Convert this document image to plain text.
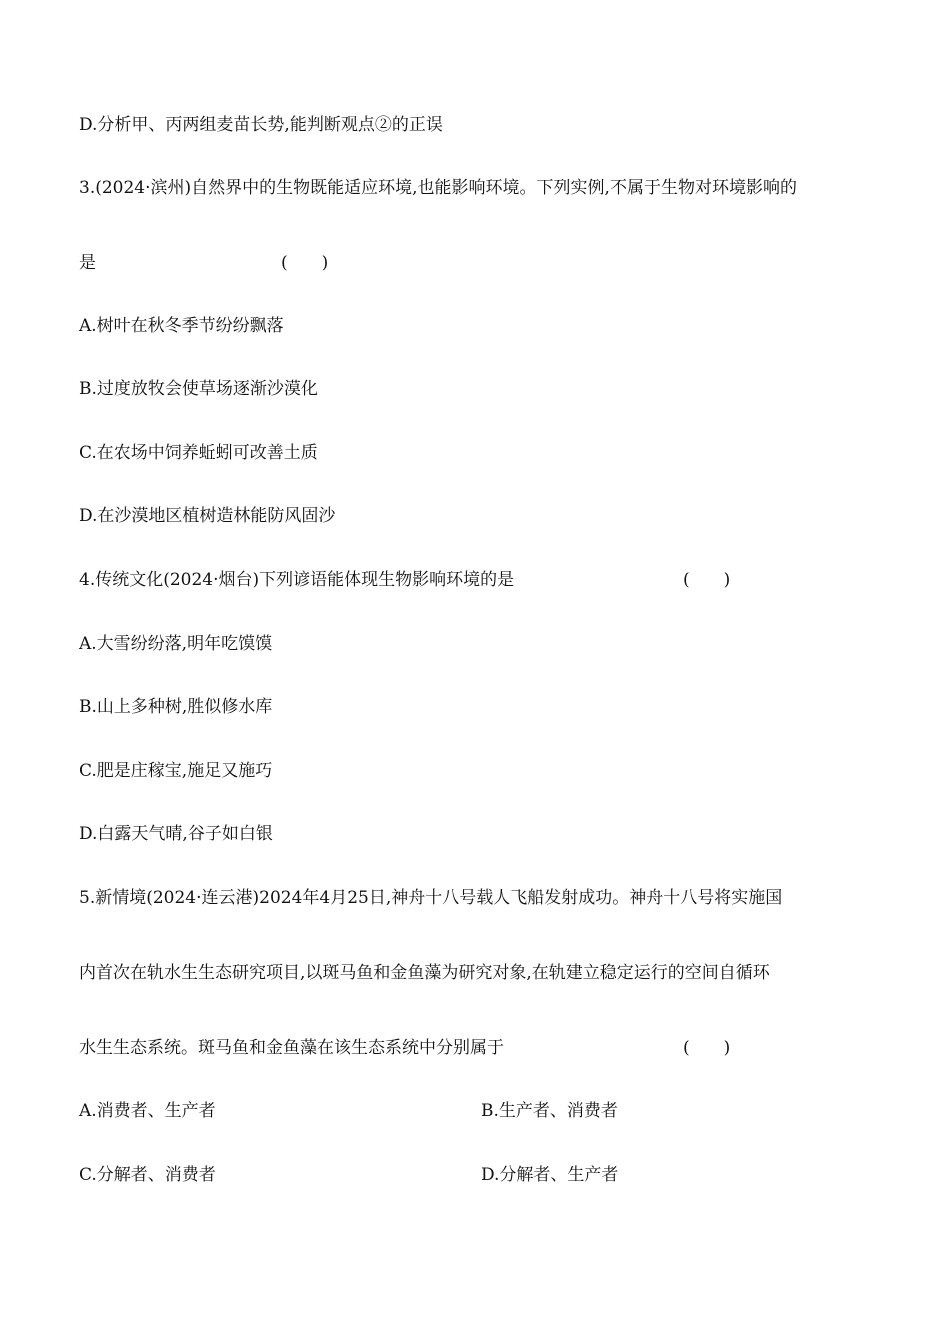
D.分析甲、丙两组麦苗长势,能判断观点②的正误
3.(2024·滨州)自然界中的生物既能适应环境,也能影响环境。下列实例,不属于生物对环境影响的
是	(　　)
A.树叶在秋冬季节纷纷飘落
B.过度放牧会使草场逐渐沙漠化
C.在农场中饲养蚯蚓可改善土质
D.在沙漠地区植树造林能防风固沙
4.传统文化(2024·烟台)下列谚语能体现生物影响环境的是	(　　)
A.大雪纷纷落,明年吃馍馍
B.山上多种树,胜似修水库
C.肥是庄稼宝,施足又施巧
D.白露天气晴,谷子如白银
5.新情境(2024·连云港)2024年4月25日,神舟十八号载人飞船发射成功。神舟十八号将实施国
内首次在轨水生生态研究项目,以斑马鱼和金鱼藻为研究对象,在轨建立稳定运行的空间自循环
水生生态系统。斑马鱼和金鱼藻在该生态系统中分别属于	(　　)
A.消费者、生产者	B.生产者、消费者
C.分解者、消费者	D.分解者、生产者
